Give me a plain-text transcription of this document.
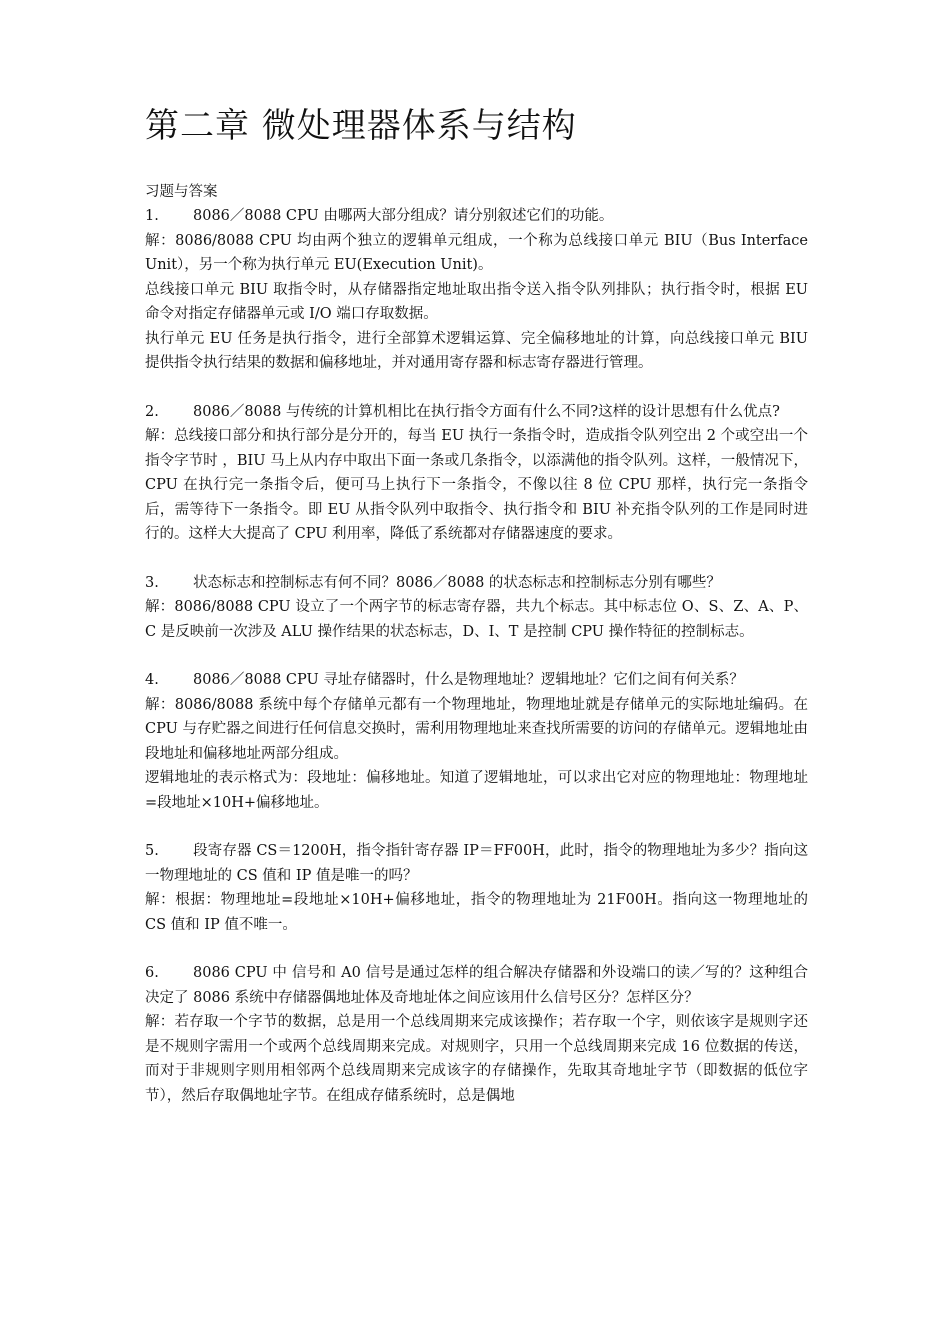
第二章 微处理器体系与结构

习题与答案

1. 8086／8088 CPU 由哪两大部分组成？请分别叙述它们的功能。

解：8086/8088 CPU 均由两个独立的逻辑单元组成，一个称为总线接口单元 BIU（Bus Interface Unit），另一个称为执行单元 EU(Execution Unit)。

总线接口单元 BIU 取指令时，从存储器指定地址取出指令送入指令队列排队；执行指令时，根据 EU 命令对指定存储器单元或 I/O 端口存取数据。

执行单元 EU 任务是执行指令，进行全部算术逻辑运算、完全偏移地址的计算，向总线接口单元 BIU 提供指令执行结果的数据和偏移地址，并对通用寄存器和标志寄存器进行管理。

2. 8086／8088 与传统的计算机相比在执行指令方面有什么不同?这样的设计思想有什么优点?

解：总线接口部分和执行部分是分开的，每当 EU 执行一条指令时，造成指令队列空出 2 个或空出一个指令字节时 ，BIU 马上从内存中取出下面一条或几条指令，以添满他的指令队列。这样，一般情况下，CPU 在执行完一条指令后，便可马上执行下一条指令，不像以往 8 位 CPU 那样，执行完一条指令后，需等待下一条指令。即 EU 从指令队列中取指令、执行指令和 BIU 补充指令队列的工作是同时进行的。这样大大提高了 CPU 利用率，降低了系统都对存储器速度的要求。

3. 状态标志和控制标志有何不同？8086／8088 的状态标志和控制标志分别有哪些？

解：8086/8088 CPU 设立了一个两字节的标志寄存器，共九个标志。其中标志位 O、S、Z、A、P、C 是反映前一次涉及 ALU 操作结果的状态标志，D、I、T 是控制 CPU 操作特征的控制标志。

4. 8086／8088 CPU 寻址存储器时，什么是物理地址？逻辑地址？它们之间有何关系？

解：8086/8088 系统中每个存储单元都有一个物理地址，物理地址就是存储单元的实际地址编码。在 CPU 与存贮器之间进行任何信息交换时，需利用物理地址来查找所需要的访问的存储单元。逻辑地址由段地址和偏移地址两部分组成。

逻辑地址的表示格式为：段地址：偏移地址。知道了逻辑地址，可以求出它对应的物理地址：物理地址=段地址×10H+偏移地址。

5. 段寄存器 CS＝1200H，指令指针寄存器 IP＝FF00H，此时，指令的物理地址为多少？指向这一物理地址的 CS 值和 IP 值是唯一的吗？

解：根据：物理地址=段地址×10H+偏移地址，指令的物理地址为 21F00H。指向这一物理地址的 CS 值和 IP 值不唯一。

6. 8086 CPU 中 信号和 A0 信号是通过怎样的组合解决存储器和外设端口的读／写的？这种组合决定了 8086 系统中存储器偶地址体及奇地址体之间应该用什么信号区分？怎样区分？

解：若存取一个字节的数据，总是用一个总线周期来完成该操作；若存取一个字，则依该字是规则字还是不规则字需用一个或两个总线周期来完成。对规则字，只用一个总线周期来完成 16 位数据的传送，而对于非规则字则用相邻两个总线周期来完成该字的存储操作，先取其奇地址字节（即数据的低位字节），然后存取偶地址字节。在组成存储系统时，总是偶地
